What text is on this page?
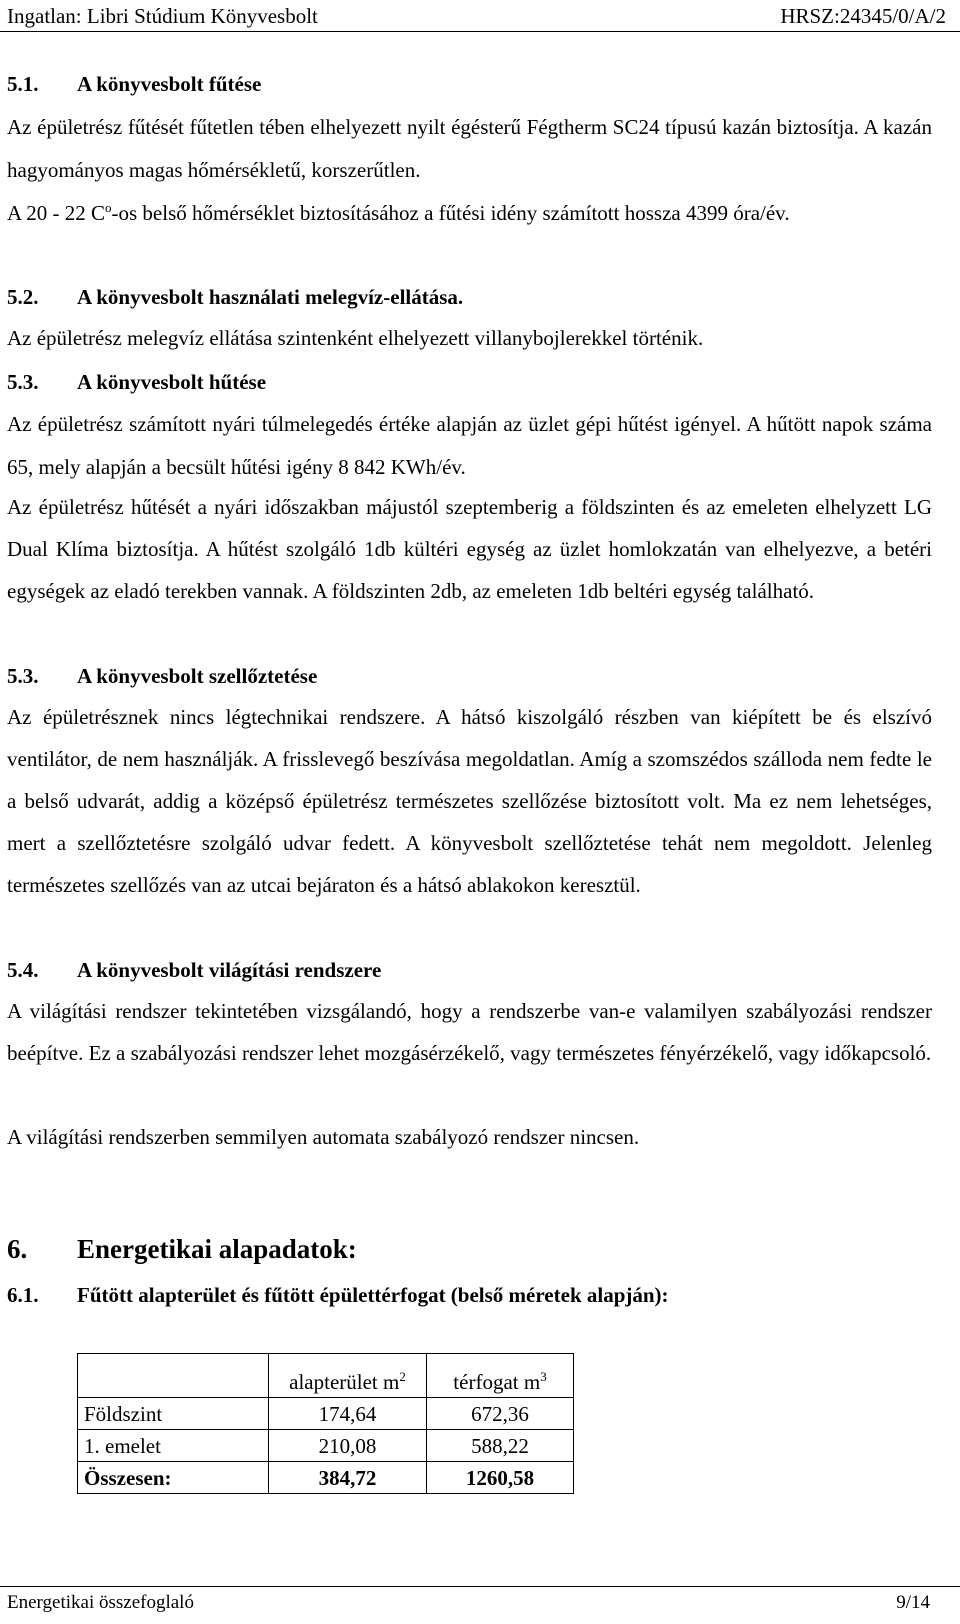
Ingatlan: Libri Stúdium Könyvesbolt	HRSZ:24345/0/A/2
5.1. A könyvesbolt fűtése
Az épületrész fűtését fűtetlen tében elhelyezett nyilt égésterű Fégtherm SC24 típusú kazán biztosítja. A kazán hagyományos magas hőmérsékletű, korszerűtlen.
A 20 - 22 $C^o-os$ belső hőmérséklet biztosításához a fűtési idény számított hossza 4399 óra/év.
5.2. A könyvesbolt használati melegvíz-ellátása.
Az épületrész melegvíz ellátása szintenként elhelyezett villanybojlerekkel történik.
5.3. A könyvesbolt hűtése
Az épületrész számított nyári túlmelegedés értéke alapján az üzlet gépi hűtést igényel. A hűtött napok száma 65, mely alapján a becsült hűtési igény 8 842 KWh/év.
Az épületrész hűtését a nyári időszakban májustól szeptemberig a földszinten és az emeleten elhelyzett LG Dual Klíma biztosítja. A hűtést szolgáló 1db kültéri egység az üzlet homlokzatán van elhelyezve, a betéri egységek az eladó terekben vannak. A földszinten 2db, az emeleten 1db beltéri egység található.
5.3. A könyvesbolt szellőztetése
Az épületrésznek nincs légtechnikai rendszere. A hátsó kiszolgáló részben van kiépített be és elszívó ventilátor, de nem használják. A frisslevegő beszívása megoldatlan. Amíg a szomszédos szálloda nem fedte le a belső udvarát, addig a középső épületrész természetes szellőzése biztosított volt. Ma ez nem lehetséges, mert a szellőztetésre szolgáló udvar fedett. A könyvesbolt szellőztetése tehát nem megoldott. Jelenleg természetes szellőzés van az utcai bejáraton és a hátsó ablakokon keresztül.
5.4. A könyvesbolt világítási rendszere
A világítási rendszer tekintetében vizsgálandó, hogy a rendszerbe van-e valamilyen szabályozási rendszer beépítve. Ez a szabályozási rendszer lehet mozgásérzékelő, vagy természetes fényérzékelő, vagy időkapcsoló.
A világítási rendszerben semmilyen automata szabályozó rendszer nincsen.
6. Energetikai alapadatok:
6.1. Fűtött alapterület és fűtött épülettérfogat (belső méretek alapján):
	alapterület $m^2$	térfogat $m^3$
Földszint	174,64	672,36
1. emelet	210,08	588,22
Összesen:	384,72	1260,58
Energetikai összefoglaló	9/14
